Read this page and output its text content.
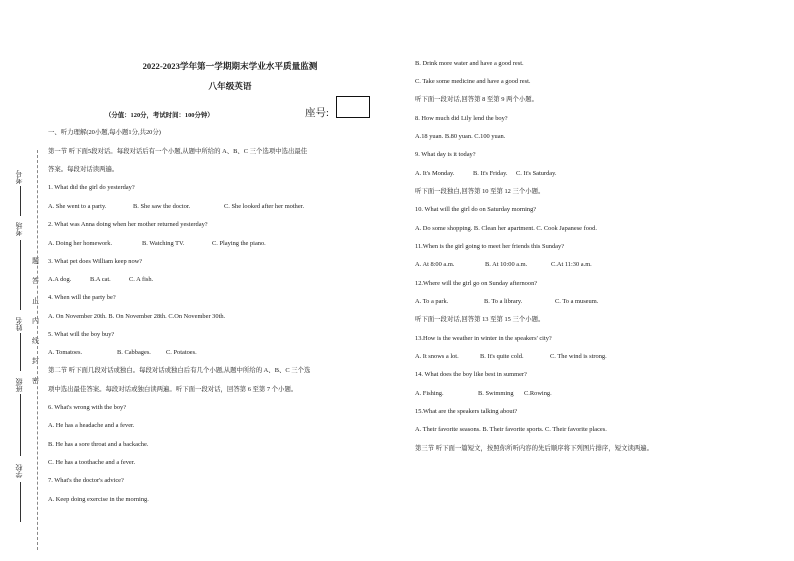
考号
考场
姓名
班级
学校
题
答
止
内
线
封
密
2022-2023学年第一学期期末学业水平质量监测
八年级英语
（分值：120分，考试时间：100分钟）	座号:
一、听力理解(20小题,每小题1分,共20分)
第一节 听下面5段对话。每段对话后有一个小题,从题中所给的 A、B、C 三个选项中选出最佳
答案。每段对话读两遍。
1. What did the girl do yesterday?
A. She went to a party.	B. She saw the doctor.	C. She looked after her mother.
2. What was Anna doing when her mother returned yesterday?
A. Doing her homework.	B. Watching TV.	C. Playing the piano.
3. What pet does William keep now?
A.A dog.	B.A cat.	C. A fish.
4. When will the party be?
A. On November 20th. B. On November 28th. C.On November 30th.
5. What will the boy buy?
A. Tomatoes.	B. Cabbages. C. Potatoes.
第二节 听下面几段对话或独白。每段对话或独白后有几个小题,从题中所给的 A、B、C 三个选
项中选出最佳答案。每段对话或独白读两遍。听下面一段对话，回答第 6 至第 7 个小题。
6. What's wrong with the boy?
A. He has a headache and a fever.
B. He has a sore throat and a backache.
C. He has a toothache and a fever.
7. What's the doctor's advice?
A. Keep doing exercise in the morning.
B. Drink more water and have a good rest.
C. Take some medicine and have a good rest.
听下面一段对话,回答第 8 至第 9 两个小题。
8. How much did Lily lend the boy?
A.18 yuan. B.80 yuan. C.100 yuan.
9. What day is it today?
A. It's Monday.	B. It's Friday. C. It's Saturday.
听下面一段独白,回答第 10 至第 12 三个小题。
10. What will the girl do on Saturday morning?
A. Do some shopping. B. Clean her apartment. C. Cook Japanese food.
11.When is the girl going to meet her friends this Sunday?
A. At 8:00 a.m.	B. At 10:00 a.m.	C.At 11:30 a.m.
12.Where will the girl go on Sunday afternoon?
A. To a park.	B. To a library.	C. To a museum.
听下面一段对话,回答第 13 至第 15 三个小题。
13.How is the weather in winter in the speakers' city?
A. It snows a lot.	B. It's quite cold.	C. The wind is strong.
14. What does the boy like best in summer?
A. Fishing.	B. Swimming C.Rowing.
15.What are the speakers talking about?
A. Their favorite seasons. B. Their favorite sports. C. Their favorite places.
第三节 听下面一篇短文，按照你所听内容的先后顺序将下列图片排序，短文读两遍。
